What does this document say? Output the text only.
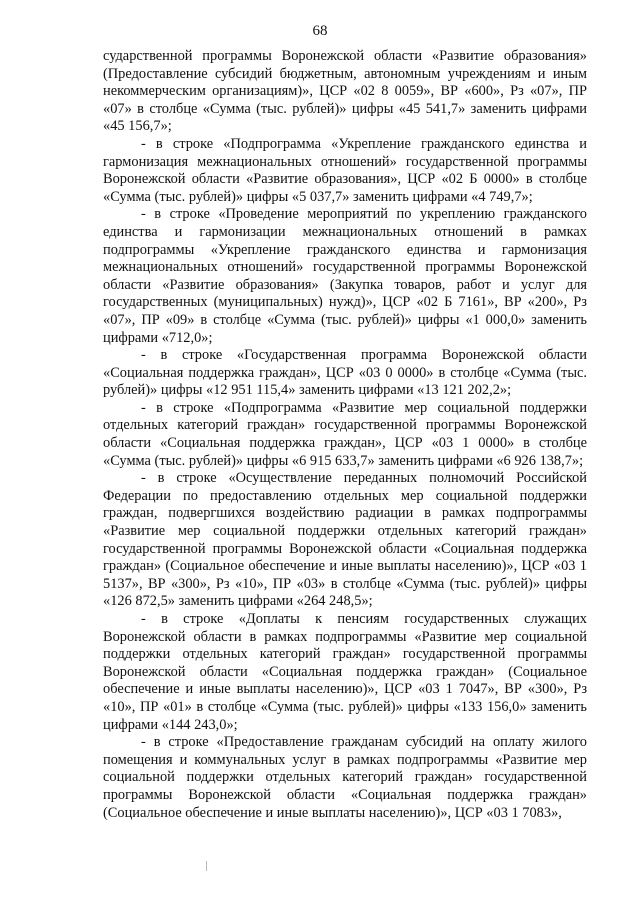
68

сударственной программы Воронежской области «Развитие образования» (Предоставление субсидий бюджетным, автономным учреждениям и иным некоммерческим организациям)», ЦСР «02 8 0059», ВР «600», Рз «07», ПР «07» в столбце «Сумма (тыс. рублей)» цифры «45 541,7» заменить цифрами «45 156,7»;

- в строке «Подпрограмма «Укрепление гражданского единства и гармонизация межнациональных отношений» государственной программы Воронежской области «Развитие образования», ЦСР «02 Б 0000» в столбце «Сумма (тыс. рублей)» цифры «5 037,7» заменить цифрами «4 749,7»;

- в строке «Проведение мероприятий по укреплению гражданского единства и гармонизации межнациональных отношений в рамках подпрограммы «Укрепление гражданского единства и гармонизация межнациональных отношений» государственной программы Воронежской области «Развитие образования» (Закупка товаров, работ и услуг для государственных (муниципальных) нужд)», ЦСР «02 Б 7161», ВР «200», Рз «07», ПР «09» в столбце «Сумма (тыс. рублей)» цифры «1 000,0» заменить цифрами «712,0»;

- в строке «Государственная программа Воронежской области «Социальная поддержка граждан», ЦСР «03 0 0000» в столбце «Сумма (тыс. рублей)» цифры «12 951 115,4» заменить цифрами «13 121 202,2»;

- в строке «Подпрограмма «Развитие мер социальной поддержки отдельных категорий граждан» государственной программы Воронежской области «Социальная поддержка граждан», ЦСР «03 1 0000» в столбце «Сумма (тыс. рублей)» цифры «6 915 633,7» заменить цифрами «6 926 138,7»;

- в строке «Осуществление переданных полномочий Российской Федерации по предоставлению отдельных мер социальной поддержки граждан, подвергшихся воздействию радиации в рамках подпрограммы «Развитие мер социальной поддержки отдельных категорий граждан» государственной программы Воронежской области «Социальная поддержка граждан» (Социальное обеспечение и иные выплаты населению)», ЦСР «03 1 5137», ВР «300», Рз «10», ПР «03» в столбце «Сумма (тыс. рублей)» цифры «126 872,5» заменить цифрами «264 248,5»;

- в строке «Доплаты к пенсиям государственных служащих Воронежской области в рамках подпрограммы «Развитие мер социальной поддержки отдельных категорий граждан» государственной программы Воронежской области «Социальная поддержка граждан» (Социальное обеспечение и иные выплаты населению)», ЦСР «03 1 7047», ВР «300», Рз «10», ПР «01» в столбце «Сумма (тыс. рублей)» цифры «133 156,0» заменить цифрами «144 243,0»;

- в строке «Предоставление гражданам субсидий на оплату жилого помещения и коммунальных услуг в рамках подпрограммы «Развитие мер социальной поддержки отдельных категорий граждан» государственной программы Воронежской области «Социальная поддержка граждан» (Социальное обеспечение и иные выплаты населению)», ЦСР «03 1 7083»,
